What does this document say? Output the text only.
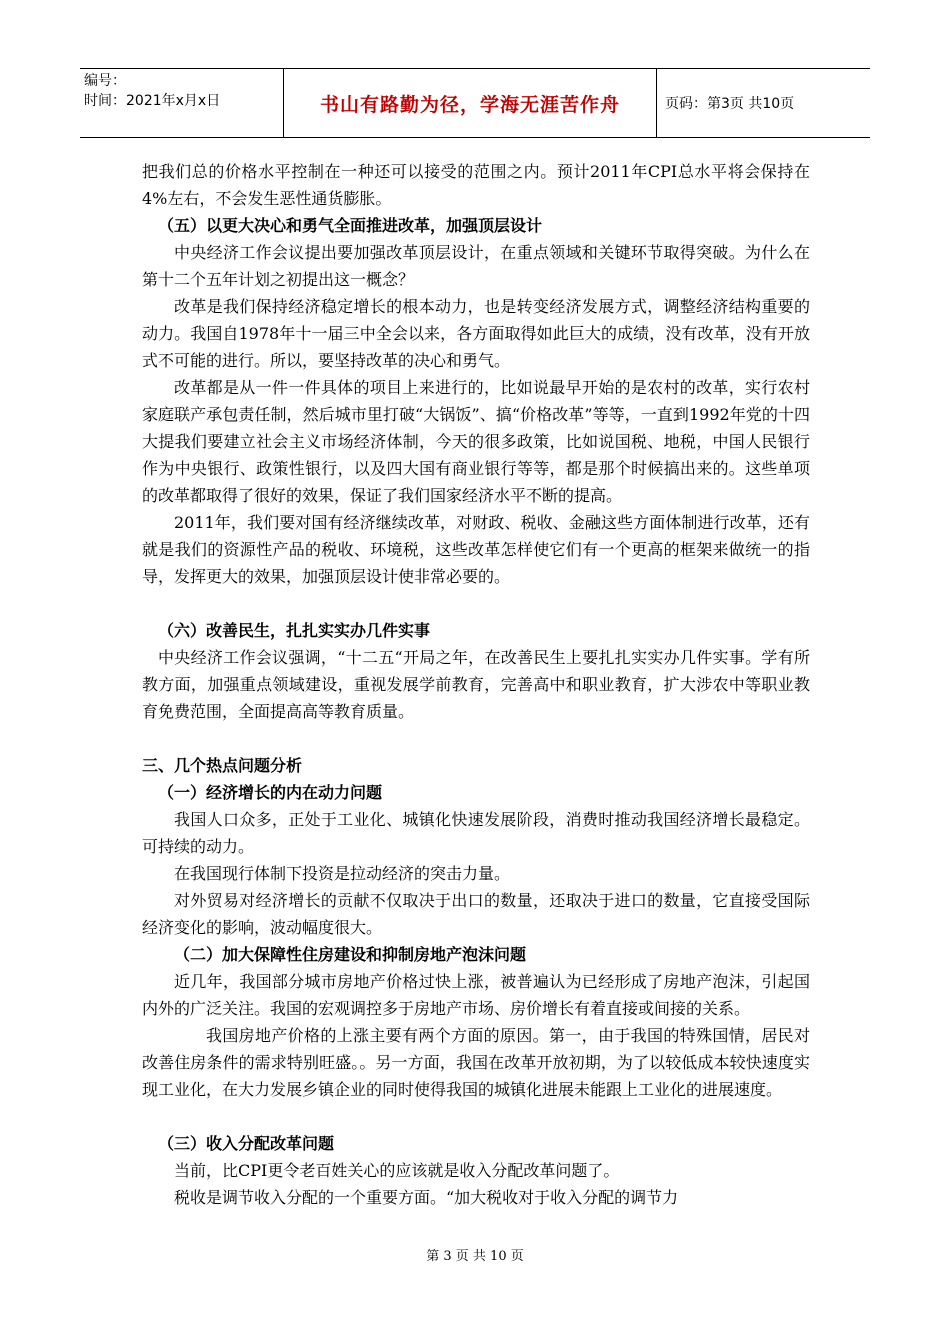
编号：
时间：2021年x月x日	书山有路勤为径，学海无涯苦作舟	页码：第3页 共10页
把我们总的价格水平控制在一种还可以接受的范围之内。预计2011年CPI总水平将会保持在4%左右，不会发生恶性通货膨胀。
（五）以更大决心和勇气全面推进改革，加强顶层设计
中央经济工作会议提出要加强改革顶层设计，在重点领域和关键环节取得突破。为什么在第十二个五年计划之初提出这一概念？
改革是我们保持经济稳定增长的根本动力，也是转变经济发展方式，调整经济结构重要的动力。我国自1978年十一届三中全会以来，各方面取得如此巨大的成绩，没有改革，没有开放式不可能的进行。所以，要坚持改革的决心和勇气。
改革都是从一件一件具体的项目上来进行的，比如说最早开始的是农村的改革，实行农村家庭联产承包责任制，然后城市里打破“大锅饭”、搞“价格改革”等等，一直到1992年党的十四大提我们要建立社会主义市场经济体制，今天的很多政策，比如说国税、地税，中国人民银行作为中央银行、政策性银行，以及四大国有商业银行等等，都是那个时候搞出来的。这些单项的改革都取得了很好的效果，保证了我们国家经济水平不断的提高。
2011年，我们要对国有经济继续改革，对财政、税收、金融这些方面体制进行改革，还有就是我们的资源性产品的税收、环境税，这些改革怎样使它们有一个更高的框架来做统一的指导，发挥更大的效果，加强顶层设计使非常必要的。
（六）改善民生，扎扎实实办几件实事
中央经济工作会议强调，“十二五“开局之年，在改善民生上要扎扎实实办几件实事。学有所教方面，加强重点领域建设，重视发展学前教育，完善高中和职业教育，扩大涉农中等职业教育免费范围，全面提高高等教育质量。
三、几个热点问题分析
（一）经济增长的内在动力问题
我国人口众多，正处于工业化、城镇化快速发展阶段，消费时推动我国经济增长最稳定。可持续的动力。
在我国现行体制下投资是拉动经济的突击力量。
对外贸易对经济增长的贡献不仅取决于出口的数量，还取决于进口的数量，它直接受国际经济变化的影响，波动幅度很大。
（二）加大保障性住房建设和抑制房地产泡沫问题
近几年，我国部分城市房地产价格过快上涨，被普遍认为已经形成了房地产泡沫，引起国内外的广泛关注。我国的宏观调控多于房地产市场、房价增长有着直接或间接的关系。
我国房地产价格的上涨主要有两个方面的原因。第一，由于我国的特殊国情，居民对改善住房条件的需求特别旺盛。。另一方面，我国在改革开放初期，为了以较低成本较快速度实现工业化，在大力发展乡镇企业的同时使得我国的城镇化进展未能跟上工业化的进展速度。
（三）收入分配改革问题
当前，比CPI更令老百姓关心的应该就是收入分配改革问题了。
税收是调节收入分配的一个重要方面。“加大税收对于收入分配的调节力
第 3 页 共 10 页
